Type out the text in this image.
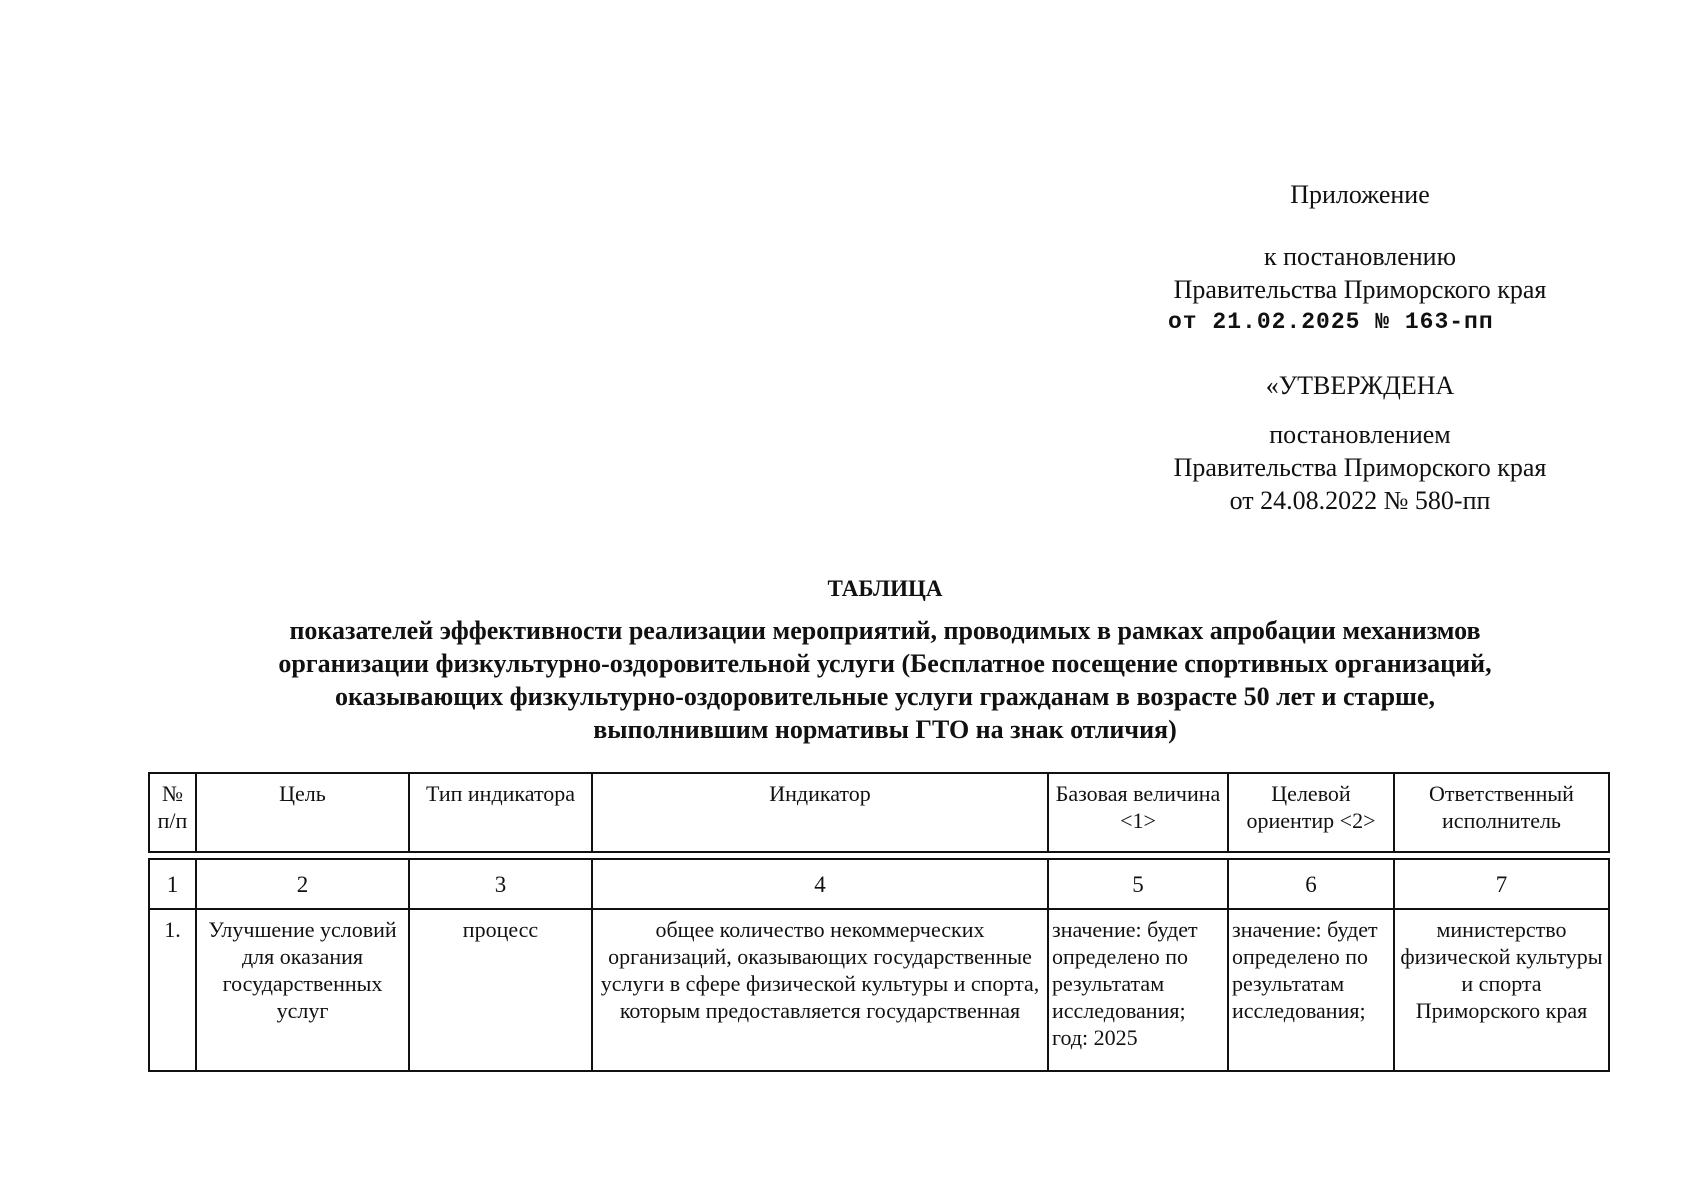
Приложение
к постановлению
Правительства Приморского края
от 21.02.2025 № 163-пп
«УТВЕРЖДЕНА
постановлением
Правительства Приморского края
от 24.08.2022 № 580-пп
ТАБЛИЦА
показателей эффективности реализации мероприятий, проводимых в рамках апробации механизмов
организации физкультурно-оздоровительной услуги (Бесплатное посещение спортивных организаций,
оказывающих физкультурно-оздоровительные услуги гражданам в возрасте 50 лет и старше,
выполнившим нормативы ГТО на знак отличия)
№ п/п	Цель	Тип индикатора	Индикатор	Базовая величина <1>	Целевой ориентир <2>	Ответственный исполнитель
1	2	3	4	5	6	7
1.	Улучшение условий для оказания государственных услуг	процесс	общее количество некоммерческих организаций, оказывающих государственные услуги в сфере физической культуры и спорта, которым предоставляется государственная	значение: будет определено по результатам исследования; год: 2025	значение: будет определено по результатам исследования;	министерство физической культуры и спорта Приморского края
